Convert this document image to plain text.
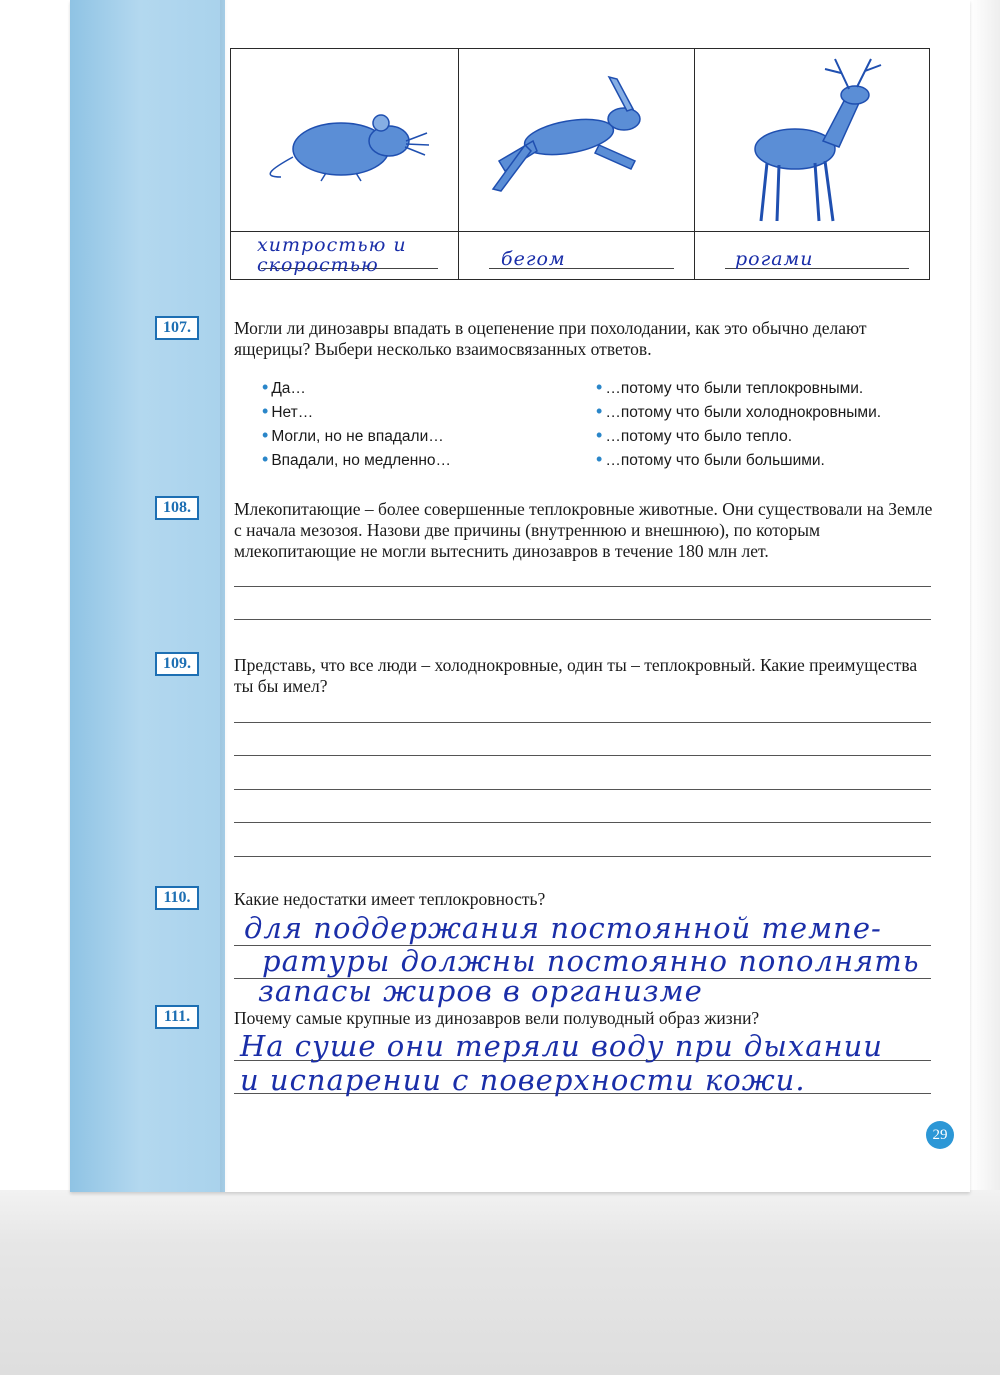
хитростью и скоростью	бегом	рогами
107.	Могли ли динозавры впадать в оцепенение при похолодании, как это обычно делают ящерицы? Выбери несколько взаимосвязанных ответов.
• Да…
• Нет…
• Могли, но не впадали…
• Впадали, но медленно…
• …потому что были теплокровными.
• …потому что были холоднокровными.
• …потому что было тепло.
• …потому что были большими.
108.	Млекопитающие – более совершенные теплокровные животные. Они существовали на Земле с начала мезозоя. Назови две причины (внутреннюю и внешнюю), по которым млекопитающие не могли вытеснить динозавров в течение 180 млн лет.
109.	Представь, что все люди – холоднокровные, один ты – теплокровный. Какие преимущества ты бы имел?
110.	Какие недостатки имеет теплокровность?
для поддержания постоянной темпе-
ратуры должны постоянно пополнять
запасы жиров в организме
111.	Почему самые крупные из динозавров вели полуводный образ жизни?
На суше они теряли воду при дыхании
и испарении с поверхности кожи.
29
